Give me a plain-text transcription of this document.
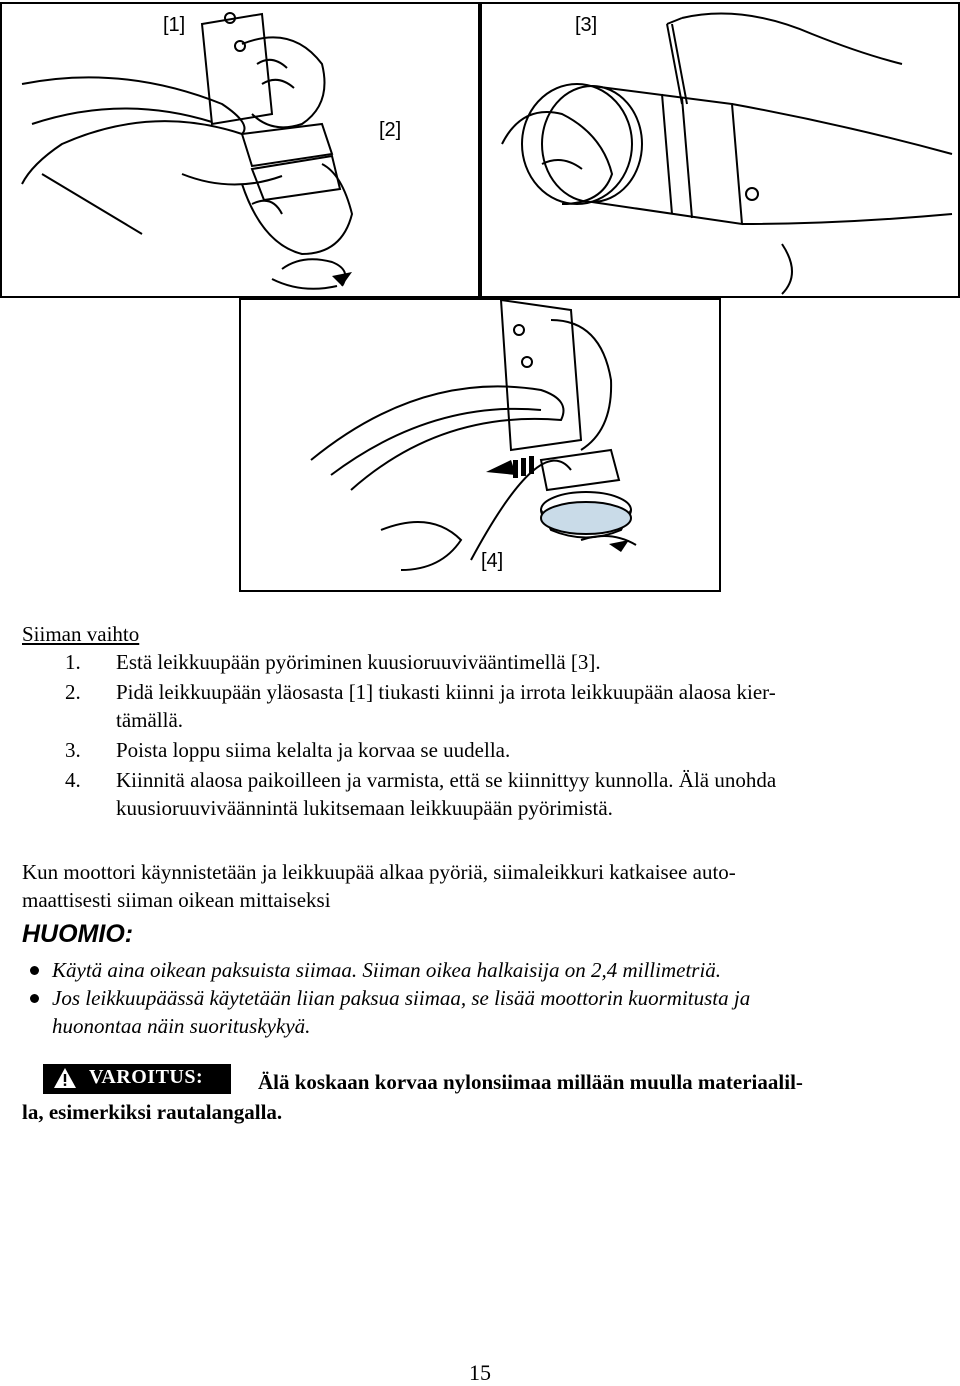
[1]
[2]
[3]
[4]
Siiman vaihto
1.	Estä leikkuupään pyöriminen kuusioruuvivääntimellä [3].
2.	Pidä leikkuupään yläosasta [1] tiukasti kiinni ja irrota leikkuupään alaosa kier-
tämällä.
3.	Poista loppu siima kelalta ja korvaa se uudella.
4.	Kiinnitä alaosa paikoilleen ja varmista, että se kiinnittyy kunnolla. Älä unohda
kuusioruuviväännintä lukitsemaan leikkuupään pyörimistä.
Kun moottori käynnistetään ja leikkuupää alkaa pyöriä, siimaleikkuri katkaisee auto-
maattisesti siiman oikean mittaiseksi
HUOMIO:
Käytä aina oikean paksuista siimaa. Siiman oikea halkaisija on 2,4 millimetriä.
Jos leikkuupäässä käytetään liian paksua siimaa, se lisää moottorin kuormitusta ja
huonontaa näin suorituskykyä.
VAROITUS:	Älä koskaan korvaa nylonsiimaa millään muulla materiaalil-
la, esimerkiksi rautalangalla.
15
